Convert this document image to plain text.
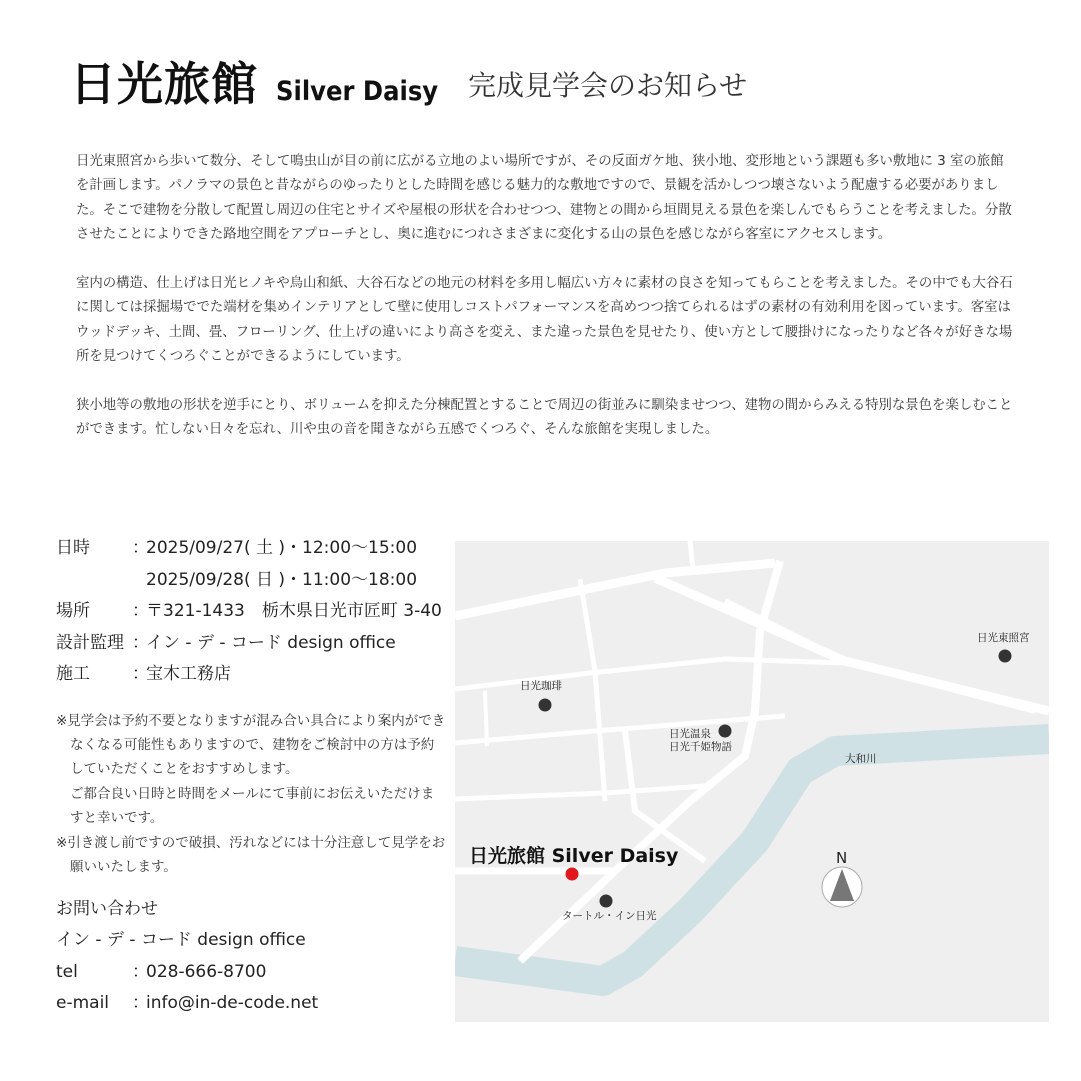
日光旅館 Silver Daisy 完成見学会のお知らせ

日光東照宮から歩いて数分、そして鳴虫山が目の前に広がる立地のよい場所ですが、その反面ガケ地、狭小地、変形地という課題も多い敷地に 3 室の旅館を計画します。パノラマの景色と昔ながらのゆったりとした時間を感じる魅力的な敷地ですので、景観を活かしつつ壊さないよう配慮する必要がありました。そこで建物を分散して配置し周辺の住宅とサイズや屋根の形状を合わせつつ、建物との間から垣間見える景色を楽しんでもらうことを考えました。分散させたことによりできた路地空間をアプローチとし、奥に進むにつれさまざまに変化する山の景色を感じながら客室にアクセスします。

室内の構造、仕上げは日光ヒノキや烏山和紙、大谷石などの地元の材料を多用し幅広い方々に素材の良さを知ってもらことを考えました。その中でも大谷石に関しては採掘場ででた端材を集めインテリアとして壁に使用しコストパフォーマンスを高めつつ捨てられるはずの素材の有効利用を図っています。客室はウッドデッキ、土間、畳、フローリング、仕上げの違いにより高さを変え、また違った景色を見せたり、使い方として腰掛けになったりなど各々が好きな場所を見つけてくつろぐことができるようにしています。

狭小地等の敷地の形状を逆手にとり、ボリュームを抑えた分棟配置とすることで周辺の街並みに馴染ませつつ、建物の間からみえる特別な景色を楽しむことができます。忙しない日々を忘れ、川や虫の音を聞きながら五感でくつろぐ、そんな旅館を実現しました。

日時	：
2025/09/27( 土 )・12:00〜15:00
2025/09/28( 日 )・11:00〜18:00
場所	：
〒321-1433　栃木県日光市匠町 3-40
設計監理 ：
イン - デ - コード design office
施工	：
宝木工務店
※見学会は予約不要となりますが混み合い具合により案内ができなくなる可能性もありますので、建物をご検討中の方は予約していただくことをおすすめします。
ご都合良い日時と時間をメールにて事前にお伝えいただけますと幸いです。
※引き渡し前ですので破損、汚れなどには十分注意して見学をお願いいたします。
お問い合わせ
イン - デ - コード design office
tel	：
028-666-8700
e-mail	：
info@in-de-code.net
日光東照宮
日光珈琲
日光温泉
日光千姫物語
大和川
タートル・イン日光
N
日光旅館 Silver Daisy
